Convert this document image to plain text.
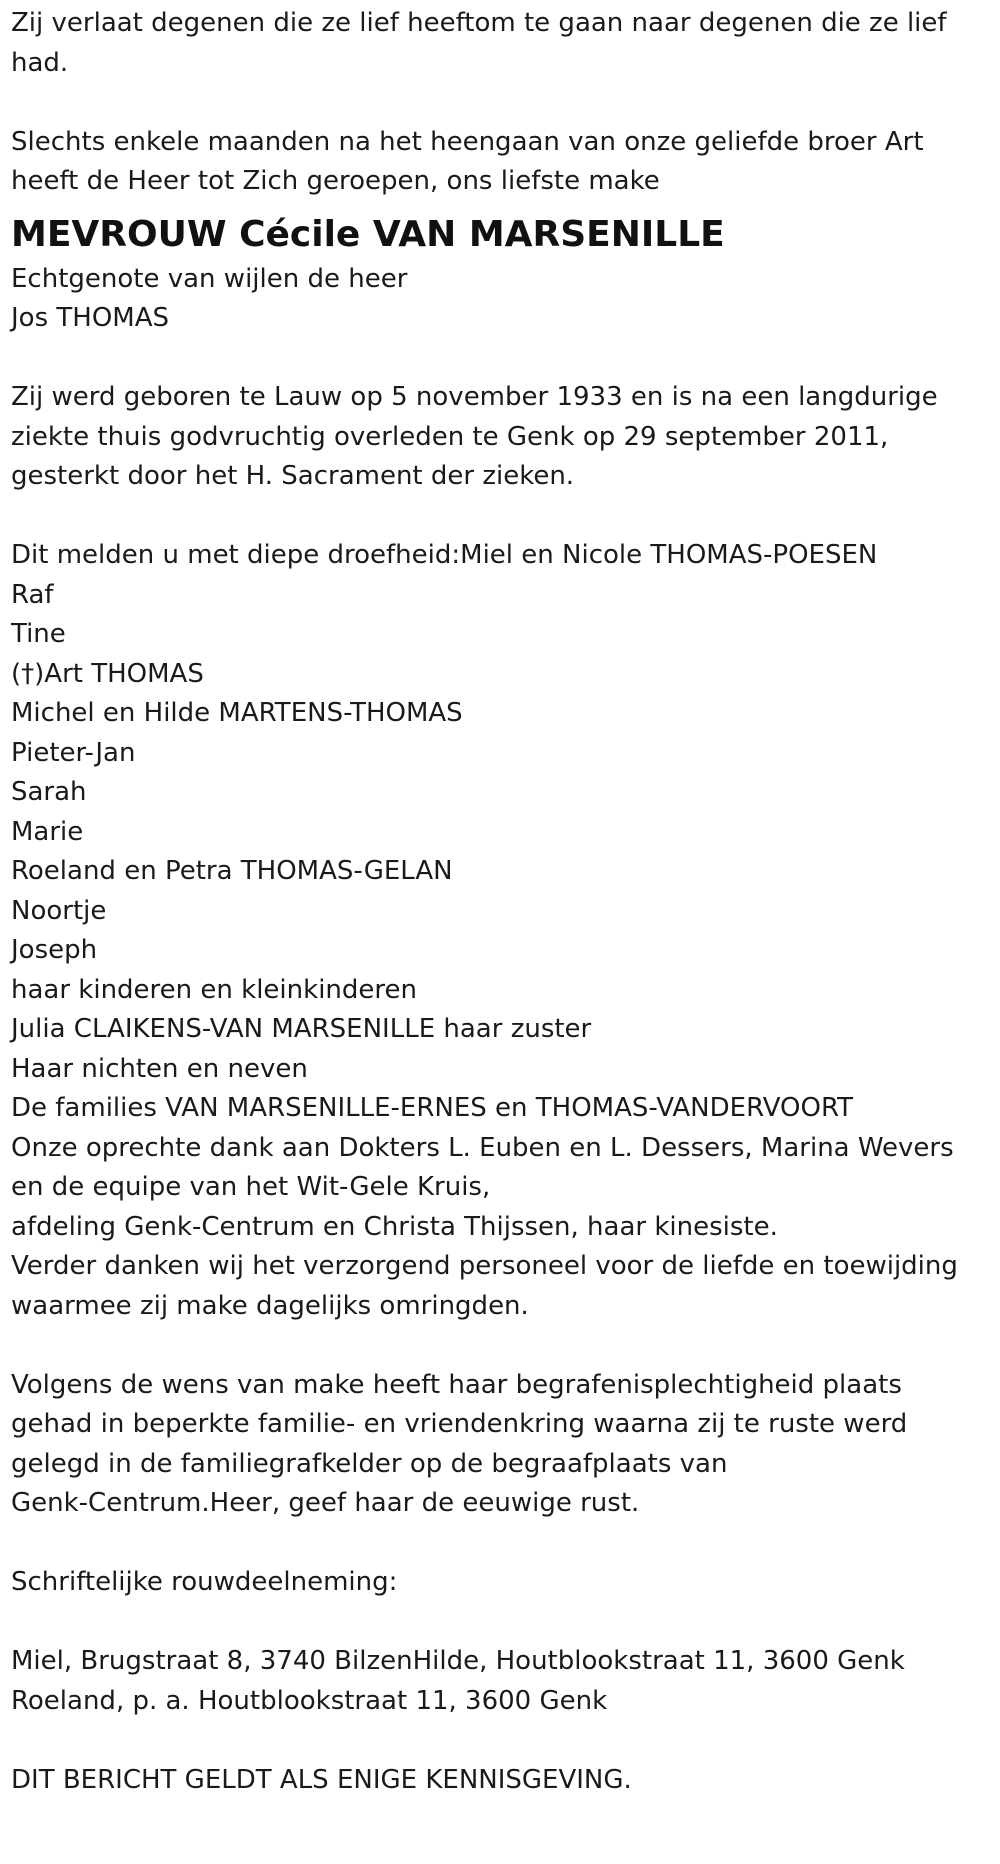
Zij verlaat degenen die ze lief heeftom te gaan naar degenen die ze lief

had.

Slechts enkele maanden na het heengaan van onze geliefde broer Art

heeft de Heer tot Zich geroepen, ons liefste make

MEVROUW Cécile VAN MARSENILLE

Echtgenote van wijlen de heer

Jos THOMAS

Zij werd geboren te Lauw op 5 november 1933 en is na een langdurige

ziekte thuis godvruchtig overleden te Genk op 29 september 2011,

gesterkt door het H. Sacrament der zieken.

Dit melden u met diepe droefheid:Miel en Nicole THOMAS-POESEN

Raf

Tine

(†)Art THOMAS

Michel en Hilde MARTENS-THOMAS

Pieter-Jan

Sarah

Marie

Roeland en Petra THOMAS-GELAN

Noortje

Joseph

haar kinderen en kleinkinderen

Julia CLAIKENS-VAN MARSENILLE haar zuster

Haar nichten en neven

De families VAN MARSENILLE-ERNES en THOMAS-VANDERVOORT

Onze oprechte dank aan Dokters L. Euben en L. Dessers, Marina Wevers

en de equipe van het Wit-Gele Kruis,

afdeling Genk-Centrum en Christa Thijssen, haar kinesiste.

Verder danken wij het verzorgend personeel voor de liefde en toewijding

waarmee zij make dagelijks omringden.

Volgens de wens van make heeft haar begrafenisplechtigheid plaats

gehad in beperkte familie- en vriendenkring waarna zij te ruste werd

gelegd in de familiegrafkelder op de begraafplaats van

Genk-Centrum.Heer, geef haar de eeuwige rust.

Schriftelijke rouwdeelneming:

Miel, Brugstraat 8, 3740 BilzenHilde, Houtblookstraat 11, 3600 Genk

Roeland, p. a. Houtblookstraat 11, 3600 Genk

DIT BERICHT GELDT ALS ENIGE KENNISGEVING.
